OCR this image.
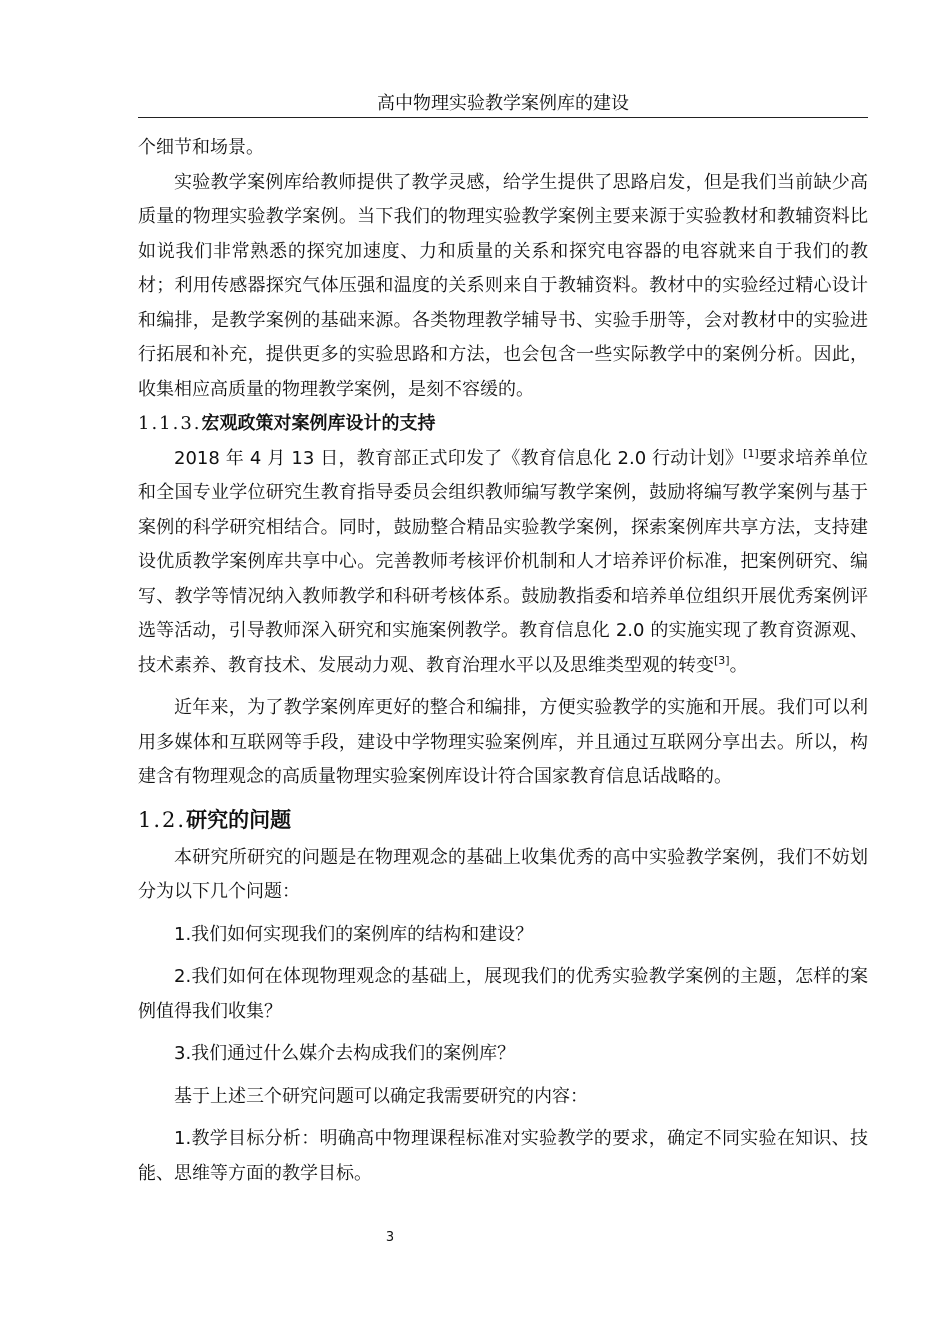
高中物理实验教学案例库的建设

个细节和场景。

实验教学案例库给教师提供了教学灵感，给学生提供了思路启发，但是我们当前缺少高质量的物理实验教学案例。当下我们的物理实验教学案例主要来源于实验教材和教辅资料比如说我们非常熟悉的探究加速度、力和质量的关系和探究电容器的电容就来自于我们的教材；利用传感器探究气体压强和温度的关系则来自于教辅资料。教材中的实验经过精心设计和编排，是教学案例的基础来源。各类物理教学辅导书、实验手册等，会对教材中的实验进行拓展和补充，提供更多的实验思路和方法，也会包含一些实际教学中的案例分析。因此，收集相应高质量的物理教学案例，是刻不容缓的。

1.1.3.宏观政策对案例库设计的支持

2018 年 4 月 13 日，教育部正式印发了《教育信息化 2.0 行动计划》[1]要求培养单位和全国专业学位研究生教育指导委员会组织教师编写教学案例，鼓励将编写教学案例与基于案例的科学研究相结合。同时，鼓励整合精品实验教学案例，探索案例库共享方法，支持建设优质教学案例库共享中心。完善教师考核评价机制和人才培养评价标准，把案例研究、编写、教学等情况纳入教师教学和科研考核体系。鼓励教指委和培养单位组织开展优秀案例评选等活动，引导教师深入研究和实施案例教学。教育信息化 2.0 的实施实现了教育资源观、技术素养、教育技术、发展动力观、教育治理水平以及思维类型观的转变[3]。

近年来，为了教学案例库更好的整合和编排，方便实验教学的实施和开展。我们可以利用多媒体和互联网等手段，建设中学物理实验案例库，并且通过互联网分享出去。所以，构建含有物理观念的高质量物理实验案例库设计符合国家教育信息话战略的。

1.2.研究的问题

本研究所研究的问题是在物理观念的基础上收集优秀的高中实验教学案例，我们不妨划分为以下几个问题：

1.我们如何实现我们的案例库的结构和建设？

2.我们如何在体现物理观念的基础上，展现我们的优秀实验教学案例的主题，怎样的案例值得我们收集？

3.我们通过什么媒介去构成我们的案例库？

基于上述三个研究问题可以确定我需要研究的内容：

1.教学目标分析：明确高中物理课程标准对实验教学的要求，确定不同实验在知识、技能、思维等方面的教学目标。

3
